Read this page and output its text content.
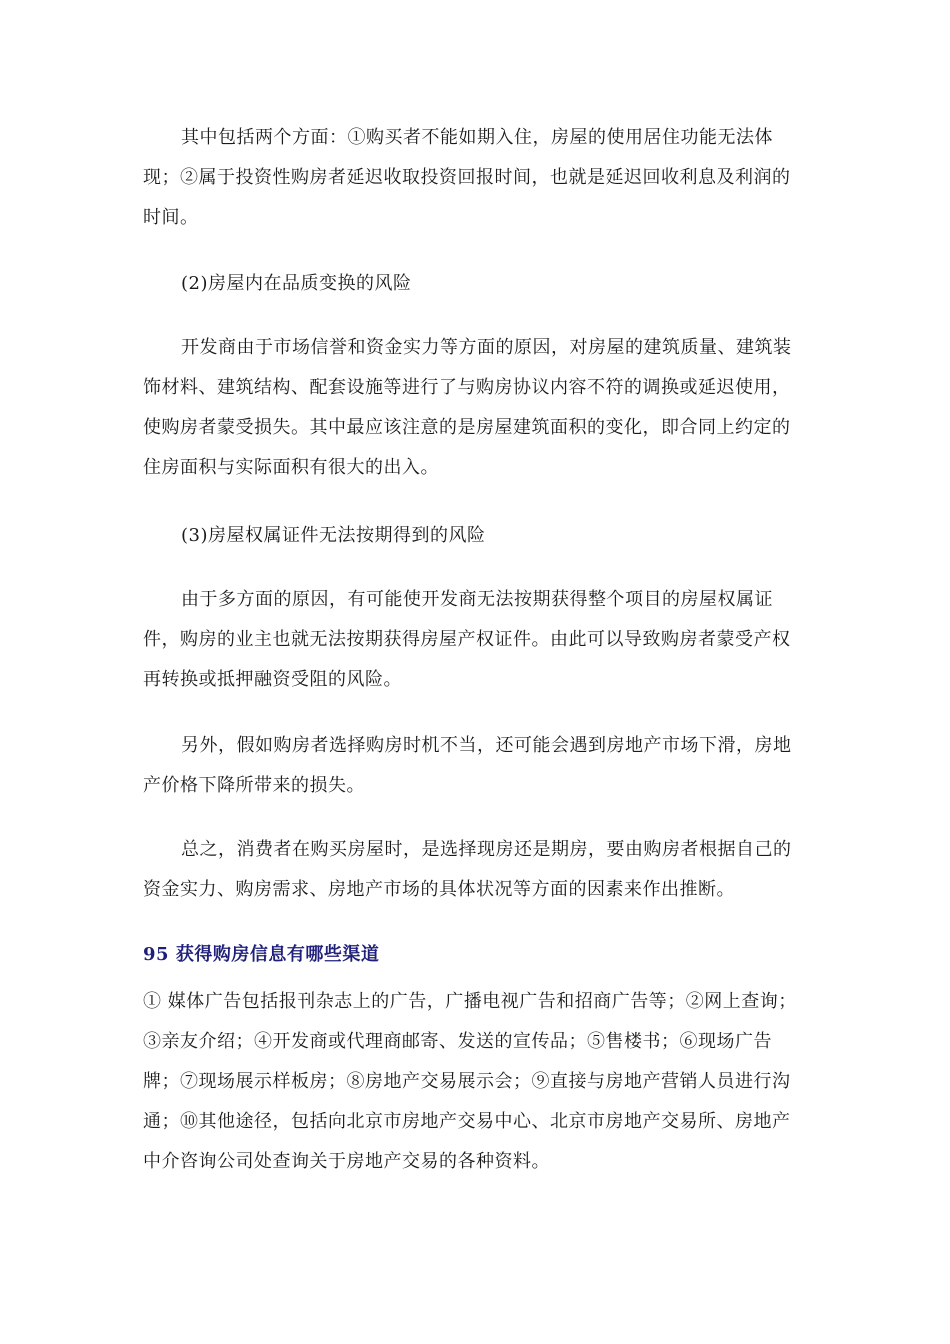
其中包括两个方面：①购买者不能如期入住，房屋的使用居住功能无法体现；②属于投资性购房者延迟收取投资回报时间，也就是延迟回收利息及利润的时间。

(2)房屋内在品质变换的风险

开发商由于市场信誉和资金实力等方面的原因，对房屋的建筑质量、建筑装饰材料、建筑结构、配套设施等进行了与购房协议内容不符的调换或延迟使用，使购房者蒙受损失。其中最应该注意的是房屋建筑面积的变化，即合同上约定的住房面积与实际面积有很大的出入。

(3)房屋权属证件无法按期得到的风险

由于多方面的原因，有可能使开发商无法按期获得整个项目的房屋权属证件，购房的业主也就无法按期获得房屋产权证件。由此可以导致购房者蒙受产权再转换或抵押融资受阻的风险。

另外，假如购房者选择购房时机不当，还可能会遇到房地产市场下滑，房地产价格下降所带来的损失。

总之，消费者在购买房屋时，是选择现房还是期房，要由购房者根据自己的资金实力、购房需求、房地产市场的具体状况等方面的因素来作出推断。

95 获得购房信息有哪些渠道

① 媒体广告包括报刊杂志上的广告，广播电视广告和招商广告等；②网上查询；③亲友介绍；④开发商或代理商邮寄、发送的宣传品；⑤售楼书；⑥现场广告牌；⑦现场展示样板房；⑧房地产交易展示会；⑨直接与房地产营销人员进行沟通；⑩其他途径，包括向北京市房地产交易中心、北京市房地产交易所、房地产中介咨询公司处查询关于房地产交易的各种资料。
